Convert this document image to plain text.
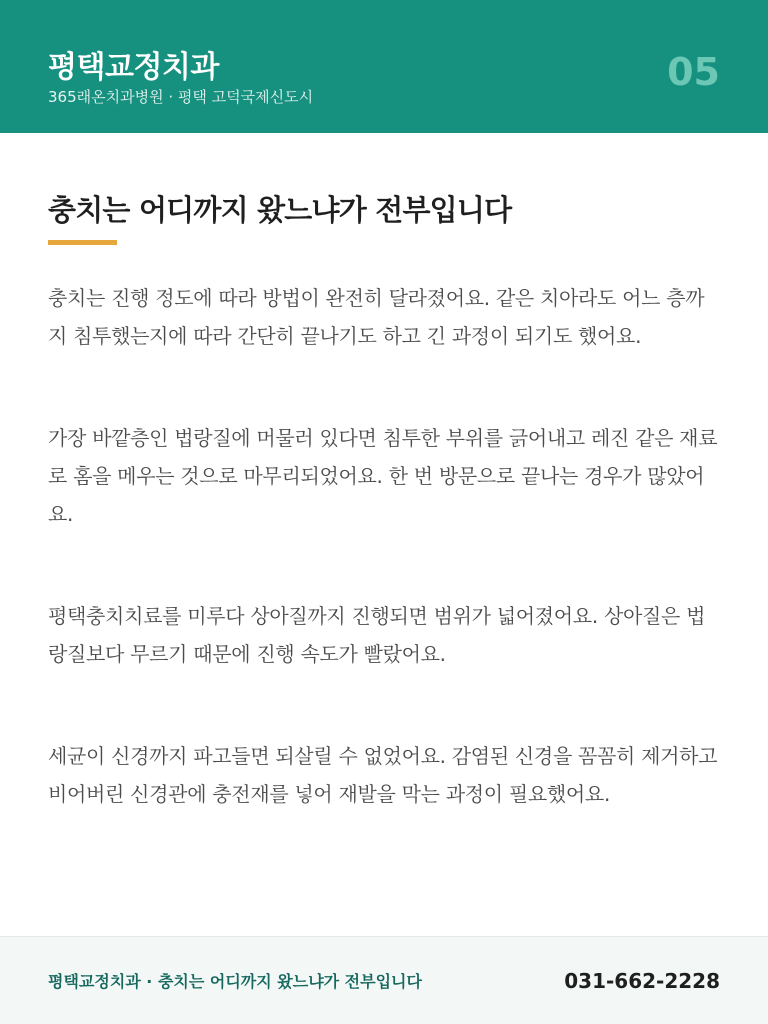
평택교정치과
365래온치과병원 · 평택 고덕국제신도시
05
충치는 어디까지 왔느냐가 전부입니다

충치는 진행 정도에 따라 방법이 완전히 달라졌어요. 같은 치아라도 어느 층까지 침투했는지에 따라 간단히 끝나기도 하고 긴 과정이 되기도 했어요.

가장 바깥층인 법랑질에 머물러 있다면 침투한 부위를 긁어내고 레진 같은 재료로 홈을 메우는 것으로 마무리되었어요. 한 번 방문으로 끝나는 경우가 많았어요.

평택충치치료를 미루다 상아질까지 진행되면 범위가 넓어졌어요. 상아질은 법랑질보다 무르기 때문에 진행 속도가 빨랐어요.

세균이 신경까지 파고들면 되살릴 수 없었어요. 감염된 신경을 꼼꼼히 제거하고 비어버린 신경관에 충전재를 넣어 재발을 막는 과정이 필요했어요.

평택교정치과 · 충치는 어디까지 왔느냐가 전부입니다	031-662-2228
